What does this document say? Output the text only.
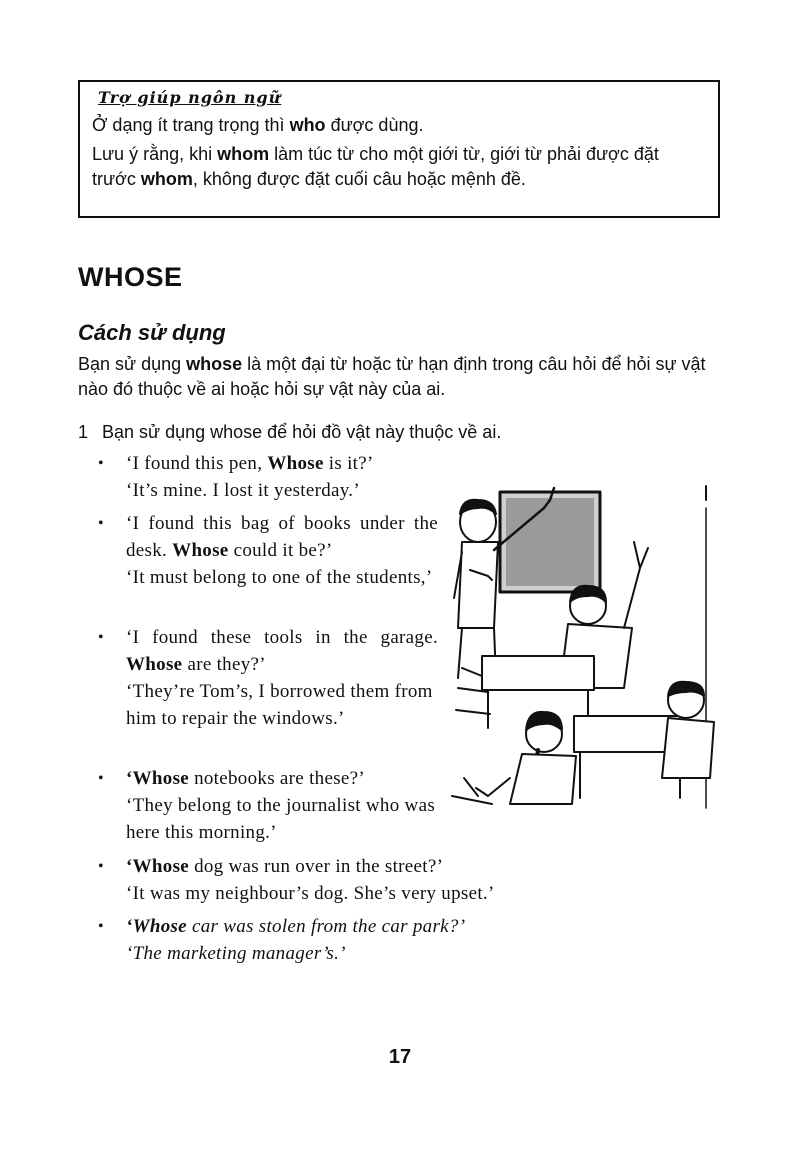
Trợ giúp ngôn ngữ

Ở dạng ít trang trọng thì who được dùng.

Lưu ý rằng, khi whom làm túc từ cho một giới từ, giới từ phải được đặt trước whom, không được đặt cuối câu hoặc mệnh đề.

WHOSE
Cách sử dụng

Bạn sử dụng whose là một đại từ hoặc từ hạn định trong câu hỏi để hỏi sự vật nào đó thuộc về ai hoặc hỏi sự vật này của ai.

1 Bạn sử dụng whose để hỏi đồ vật này thuộc về ai.

• ‘I found this pen, Whose is it?’
‘It’s mine. I lost it yesterday.’
• ‘I found this bag of books under the desk. Whose could it be?’
‘It must belong to one of the students,’
• ‘I found these tools in the garage. Whose are they?’
‘They’re Tom’s, I borrowed them from him to repair the windows.’
• ‘Whose notebooks are these?’
‘They belong to the journalist who was here this morning.’
• ‘Whose dog was run over in the street?’
‘It was my neighbour’s dog. She’s very upset.’
• ‘Whose car was stolen from the car park?’
‘The marketing manager’s.’

17
